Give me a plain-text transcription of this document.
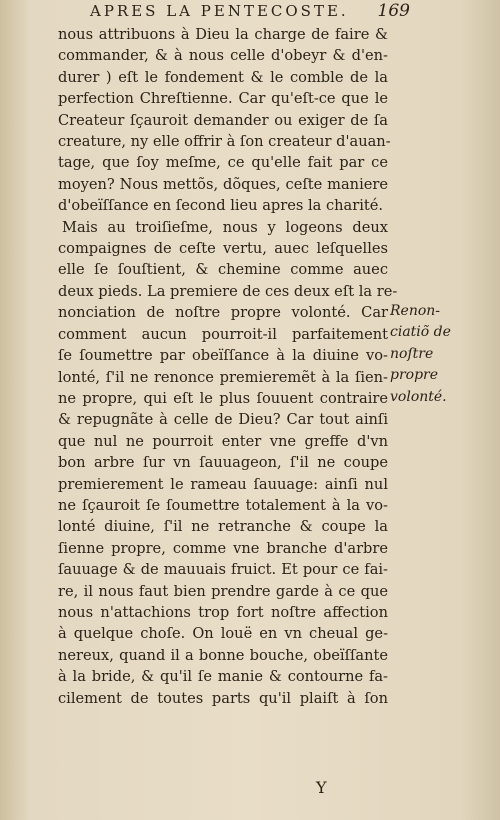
APRES LA PENTECOSTE. 169
nous attribuons à Dieu la charge de faire &
commander, & à nous celle d'obeyr & d'en-
durer ) eſt le fondement & le comble de la
perfection Chreſtienne. Car qu'eſt-ce que le
Createur ſçauroit demander ou exiger de ſa
creature, ny elle offrir à ſon createur d'auan-
tage, que ſoy meſme, ce qu'elle fait par ce
moyen? Nous mettõs, dõques, ceſte maniere
d'obeïſſance en ſecond lieu apres la charité.
Mais au troiſieſme, nous y logeons deux
compaignes de ceſte vertu, auec leſquelles
elle ſe ſouſtient, & chemine comme auec
deux pieds. La premiere de ces deux eſt la re-
nonciation de noſtre propre volonté. Car
comment aucun pourroit-il parfaitement
ſe ſoumettre par obeïſſance à la diuine vo-
lonté, ſ'il ne renonce premieremẽt à la ſien-
ne propre, qui eſt le plus ſouuent contraire
& repugnãte à celle de Dieu? Car tout ainſi
que nul ne pourroit enter vne greffe d'vn
bon arbre ſur vn ſauuageon, ſ'il ne coupe
premierement le rameau ſauuage: ainſi nul
ne ſçauroit ſe ſoumettre totalement à la vo-
lonté diuine, ſ'il ne retranche & coupe la
ſienne propre, comme vne branche d'arbre
ſauuage & de mauuais fruict. Et pour ce fai-
re, il nous faut bien prendre garde à ce que
nous n'attachions trop fort noſtre affection
à quelque choſe. On louë en vn cheual ge-
nereux, quand il a bonne bouche, obeïſſante
à la bride, & qu'il ſe manie & contourne fa-
cilement de toutes parts qu'il plaiſt à ſon
Renon-
ciatiõ de
noſtre
propre
volonté.
Y
